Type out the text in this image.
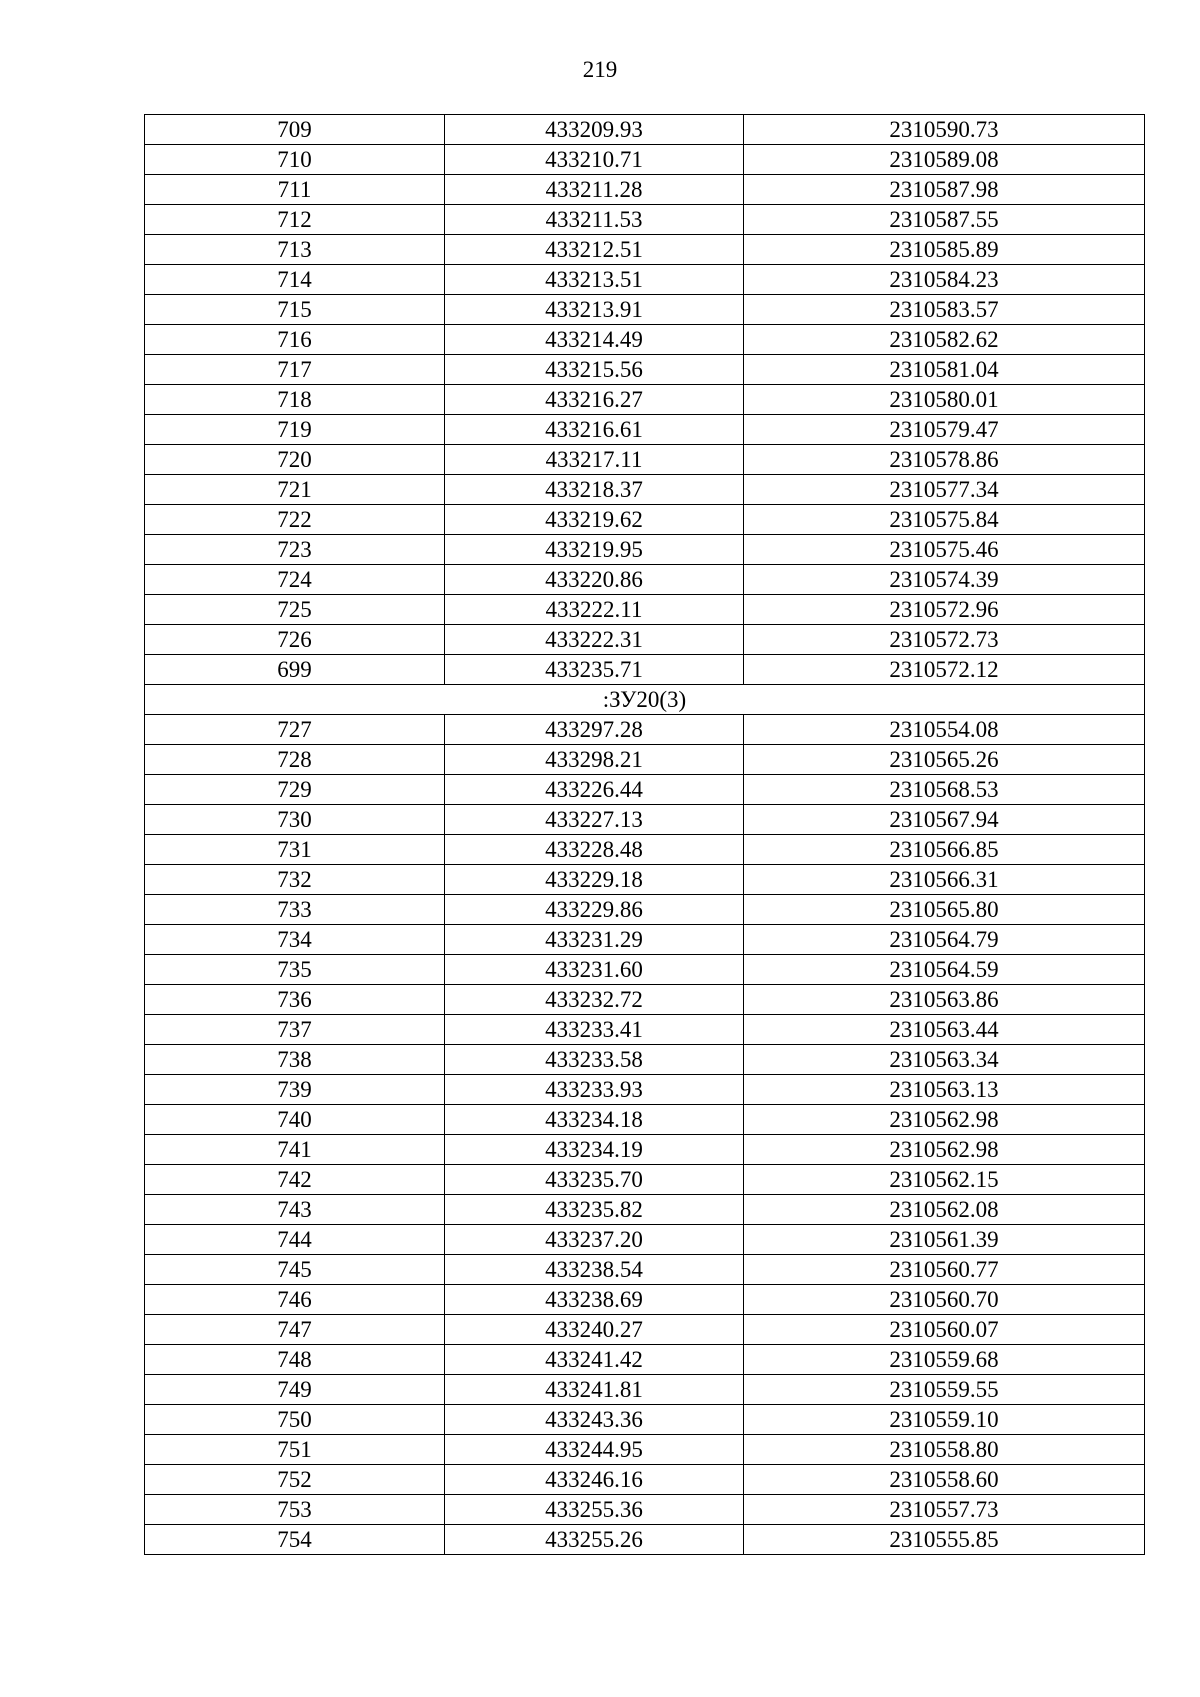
219
709	433209.93	2310590.73
710	433210.71	2310589.08
711	433211.28	2310587.98
712	433211.53	2310587.55
713	433212.51	2310585.89
714	433213.51	2310584.23
715	433213.91	2310583.57
716	433214.49	2310582.62
717	433215.56	2310581.04
718	433216.27	2310580.01
719	433216.61	2310579.47
720	433217.11	2310578.86
721	433218.37	2310577.34
722	433219.62	2310575.84
723	433219.95	2310575.46
724	433220.86	2310574.39
725	433222.11	2310572.96
726	433222.31	2310572.73
699	433235.71	2310572.12
:ЗУ20(3)		
727	433297.28	2310554.08
728	433298.21	2310565.26
729	433226.44	2310568.53
730	433227.13	2310567.94
731	433228.48	2310566.85
732	433229.18	2310566.31
733	433229.86	2310565.80
734	433231.29	2310564.79
735	433231.60	2310564.59
736	433232.72	2310563.86
737	433233.41	2310563.44
738	433233.58	2310563.34
739	433233.93	2310563.13
740	433234.18	2310562.98
741	433234.19	2310562.98
742	433235.70	2310562.15
743	433235.82	2310562.08
744	433237.20	2310561.39
745	433238.54	2310560.77
746	433238.69	2310560.70
747	433240.27	2310560.07
748	433241.42	2310559.68
749	433241.81	2310559.55
750	433243.36	2310559.10
751	433244.95	2310558.80
752	433246.16	2310558.60
753	433255.36	2310557.73
754	433255.26	2310555.85
